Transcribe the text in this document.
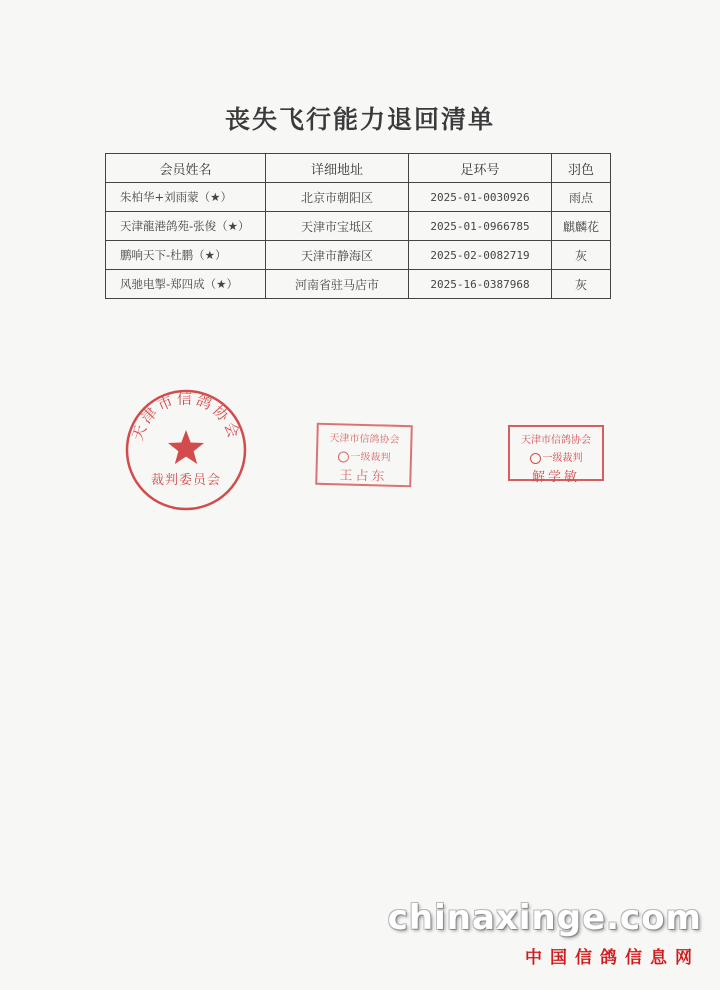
丧失飞行能力退回清单
会员姓名	详细地址	足环号	羽色
朱柏华+刘雨蒙（★）	北京市朝阳区	2025-01-0030926	雨点
天津龍港鸽苑-张俊（★）	天津市宝坻区	2025-01-0966785	麒麟花
鹏响天下-杜鹏（★）	天津市静海区	2025-02-0082719	灰
风驰电掣-郑四成（★）	河南省驻马店市	2025-16-0387968	灰
天津市信鸽协会
裁判委员会
天津市信鸽协会
一级裁判
王占东
天津市信鸽协会
一级裁判
解学敏
chinaxinge.com
中国信鸽信息网
